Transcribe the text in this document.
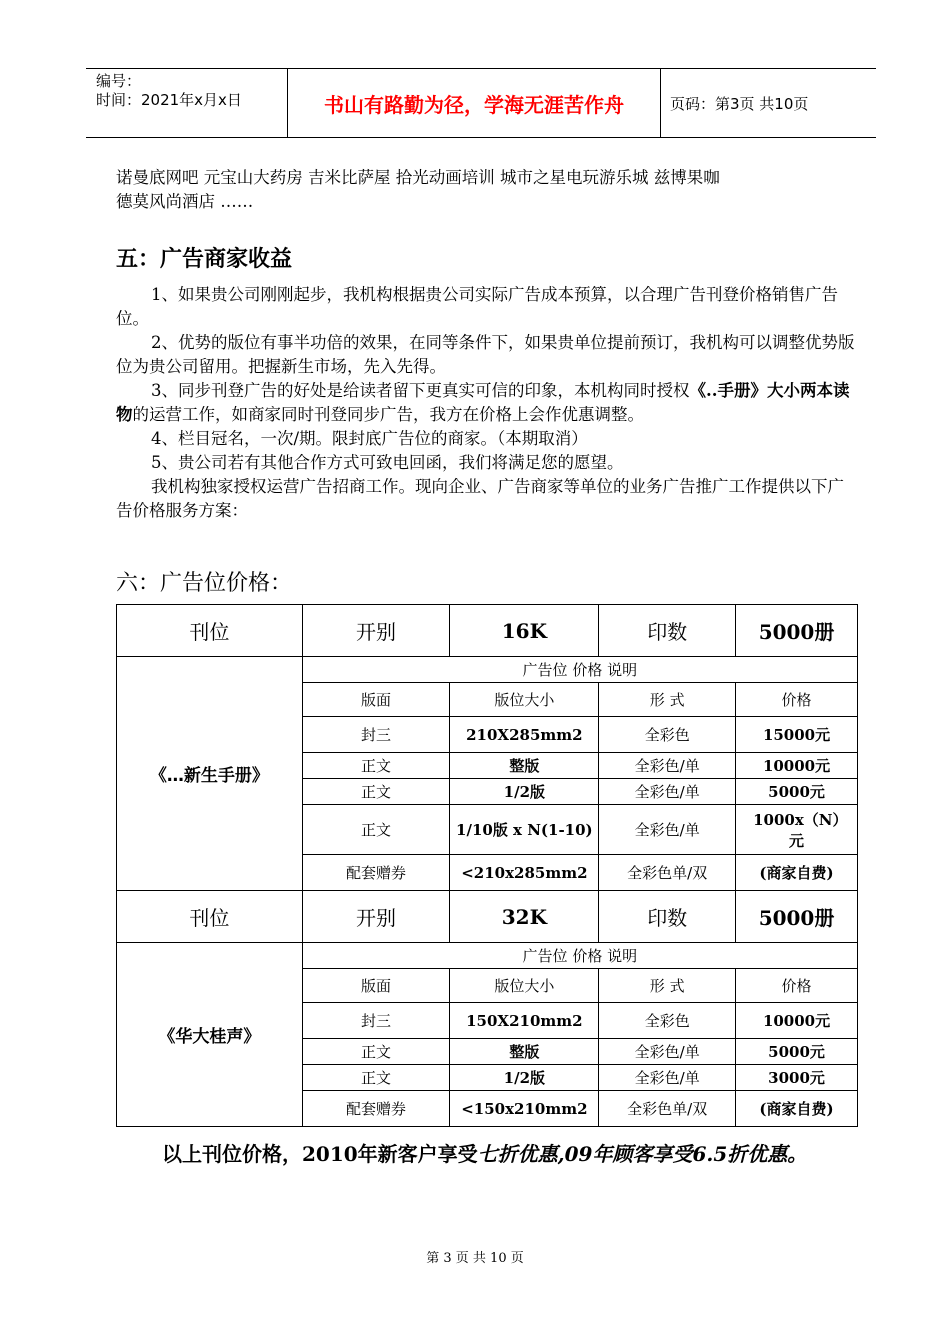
编号：
时间：2021年x月x日	书山有路勤为径，学海无涯苦作舟	页码：第3页 共10页
诺曼底网吧 元宝山大药房 吉米比萨屋 拾光动画培训 城市之星电玩游乐城 兹博果咖
德莫风尚酒店 ……
五：广告商家收益
1、如果贵公司刚刚起步，我机构根据贵公司实际广告成本预算，以合理广告刊登价格销售广告位。
2、优势的版位有事半功倍的效果，在同等条件下，如果贵单位提前预订，我机构可以调整优势版位为贵公司留用。把握新生市场，先入先得。
3、同步刊登广告的好处是给读者留下更真实可信的印象，本机构同时授权《..手册》大小两本读物的运营工作，如商家同时刊登同步广告，我方在价格上会作优惠调整。
4、栏目冠名，一次/期。限封底广告位的商家。（本期取消）
5、贵公司若有其他合作方式可致电回函，我们将满足您的愿望。
我机构独家授权运营广告招商工作。现向企业、广告商家等单位的业务广告推广工作提供以下广告价格服务方案：
六：广告位价格：
刊位	开别	16K	印数	5000册
《…新生手册》	广告位 价格 说明			
	版面	版位大小	形 式	价格
	封三	210X285mm2	全彩色	15000元
	正文	整版	全彩色/单	10000元
	正文	1/2版	全彩色/单	5000元
	正文	1/10版 x N(1-10)	全彩色/单	1000x（N）元
	配套赠券	<210x285mm2	全彩色单/双	(商家自费)
刊位	开别	32K	印数	5000册
《华大桂声》	广告位 价格 说明			
	版面	版位大小	形 式	价格
	封三	150X210mm2	全彩色	10000元
	正文	整版	全彩色/单	5000元
	正文	1/2版	全彩色/单	3000元
	配套赠券	<150x210mm2	全彩色单/双	(商家自费)
以上刊位价格，2010年新客户享受七折优惠,09年顾客享受6.5折优惠。
第 3 页 共 10 页
